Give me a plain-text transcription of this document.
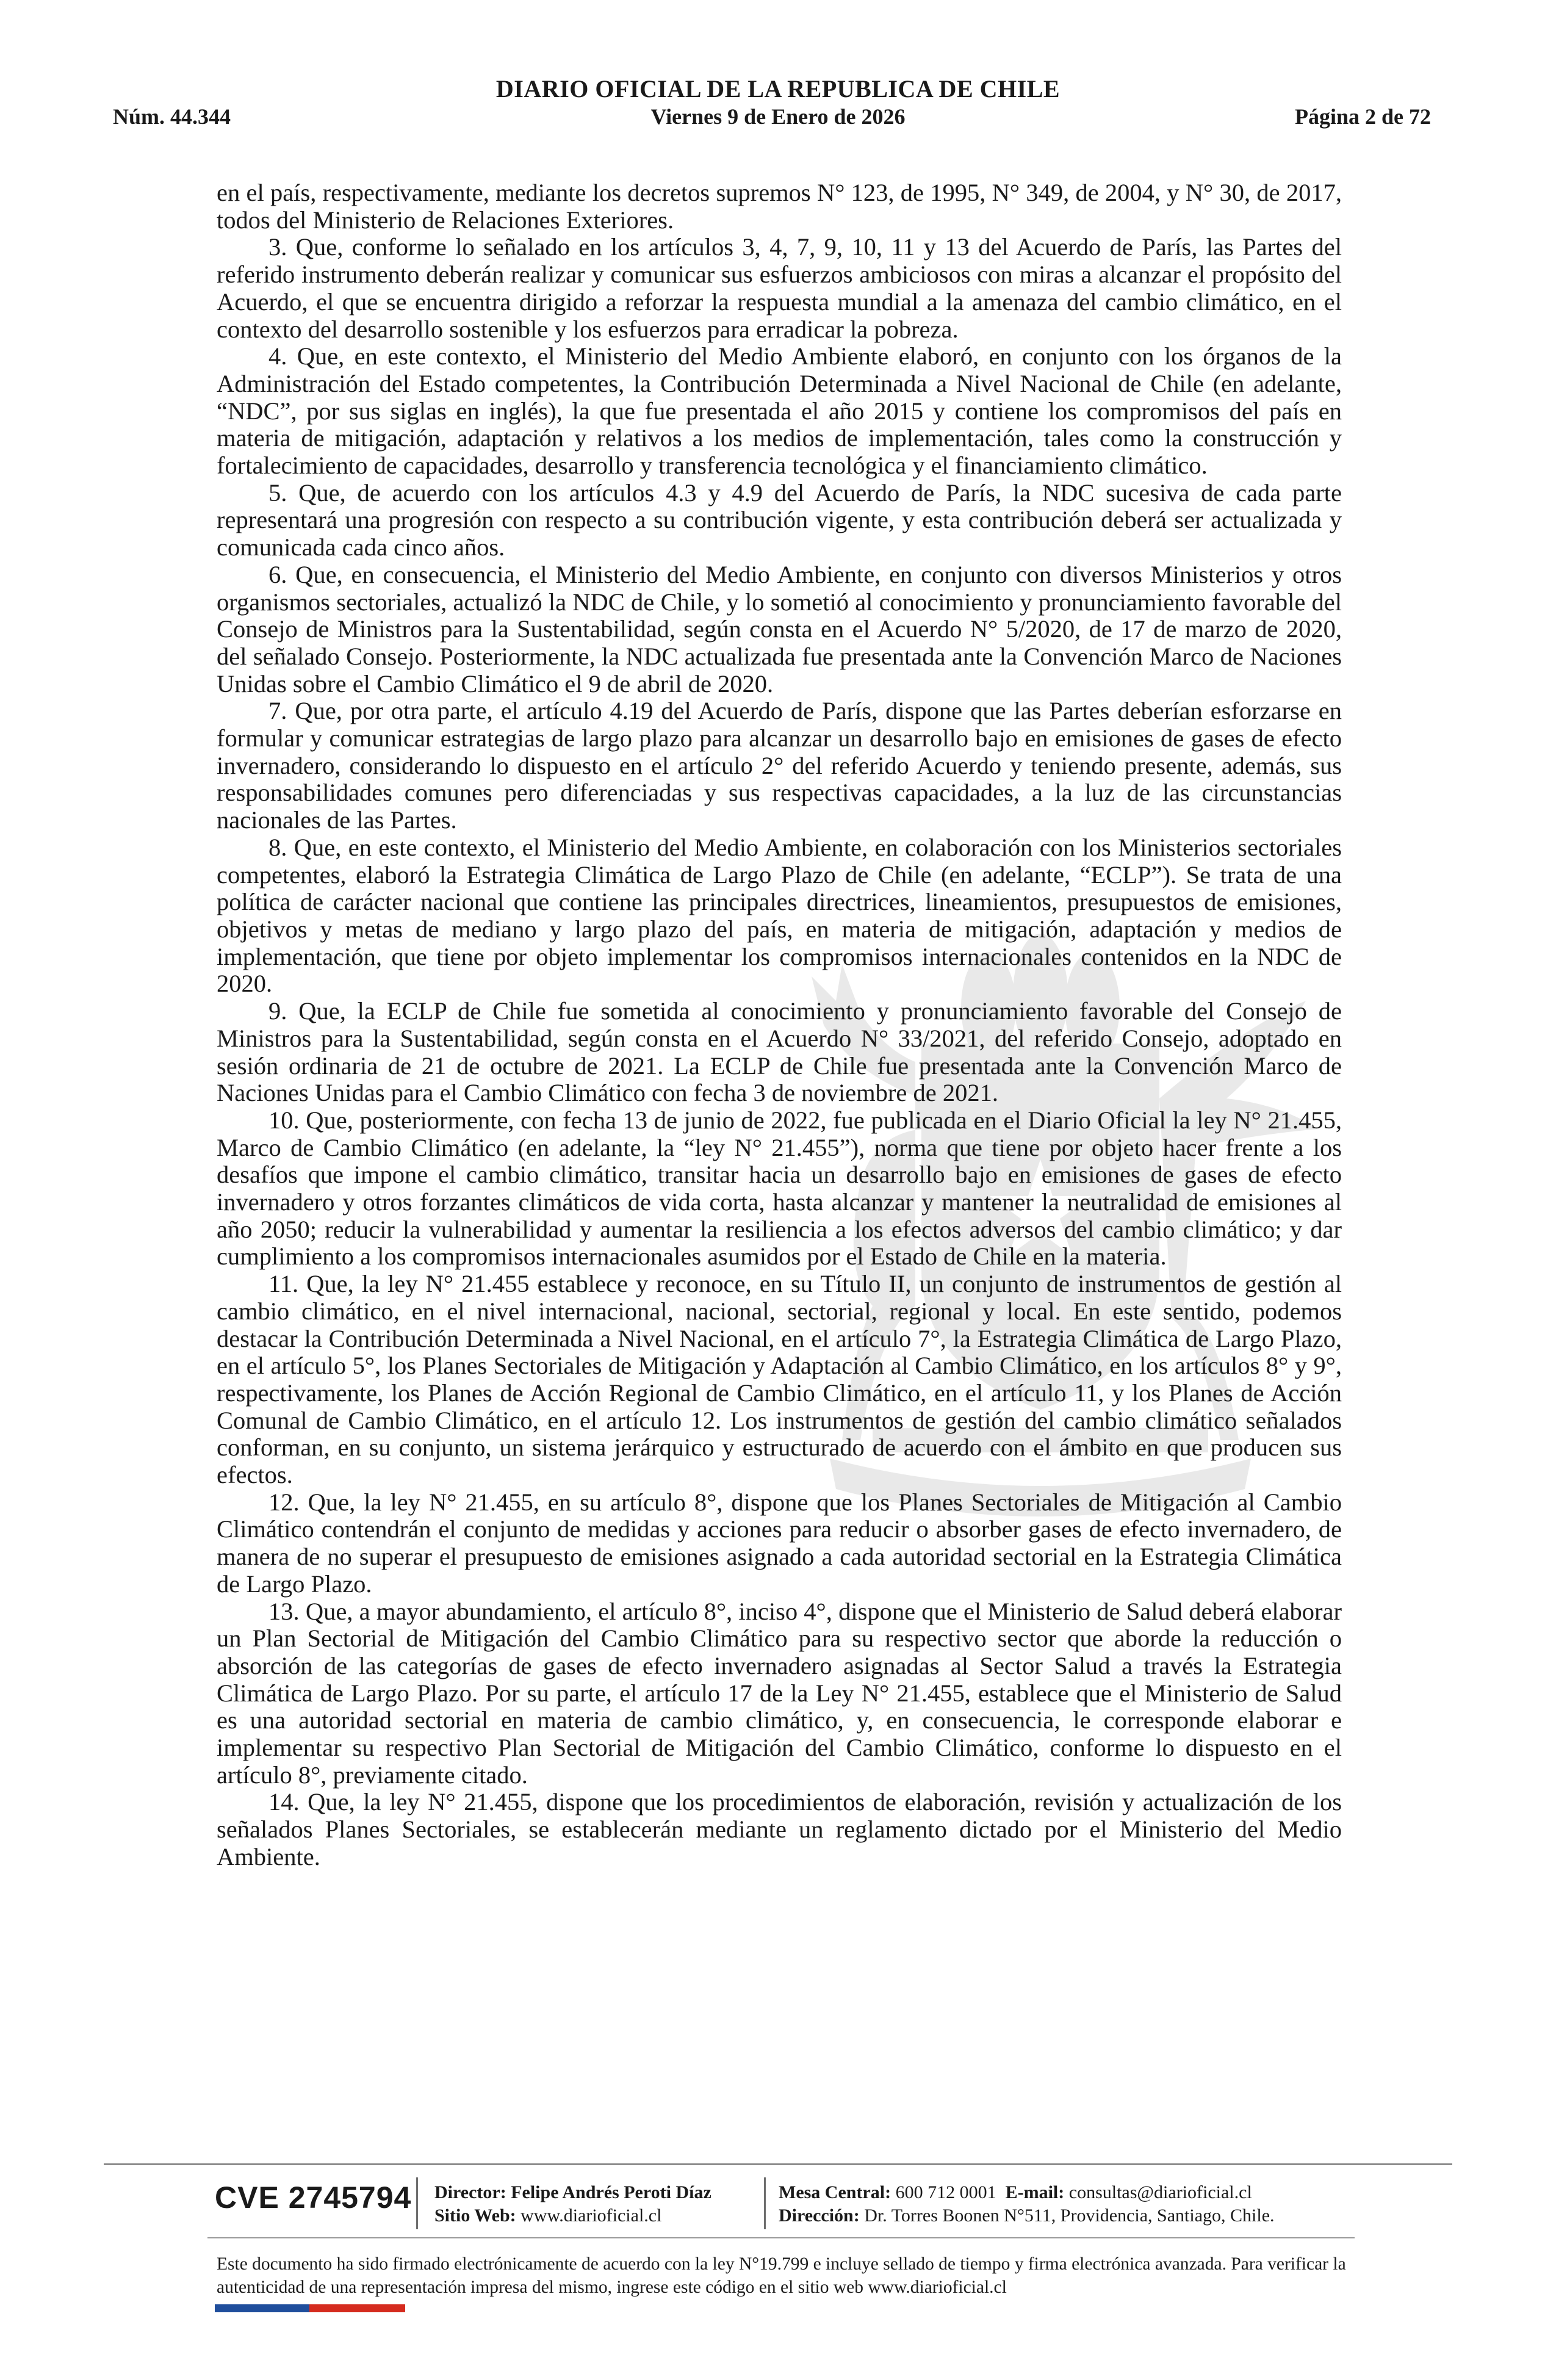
DIARIO OFICIAL DE LA REPUBLICA DE CHILE
Núm. 44.344	Viernes 9 de Enero de 2026	Página 2 de 72

en el país, respectivamente, mediante los decretos supremos N° 123, de 1995, N° 349, de 2004, y N° 30, de 2017, todos del Ministerio de Relaciones Exteriores.

3. Que, conforme lo señalado en los artículos 3, 4, 7, 9, 10, 11 y 13 del Acuerdo de París, las Partes del referido instrumento deberán realizar y comunicar sus esfuerzos ambiciosos con miras a alcanzar el propósito del Acuerdo, el que se encuentra dirigido a reforzar la respuesta mundial a la amenaza del cambio climático, en el contexto del desarrollo sostenible y los esfuerzos para erradicar la pobreza.

4. Que, en este contexto, el Ministerio del Medio Ambiente elaboró, en conjunto con los órganos de la Administración del Estado competentes, la Contribución Determinada a Nivel Nacional de Chile (en adelante, “NDC”, por sus siglas en inglés), la que fue presentada el año 2015 y contiene los compromisos del país en materia de mitigación, adaptación y relativos a los medios de implementación, tales como la construcción y fortalecimiento de capacidades, desarrollo y transferencia tecnológica y el financiamiento climático.

5. Que, de acuerdo con los artículos 4.3 y 4.9 del Acuerdo de París, la NDC sucesiva de cada parte representará una progresión con respecto a su contribución vigente, y esta contribución deberá ser actualizada y comunicada cada cinco años.

6. Que, en consecuencia, el Ministerio del Medio Ambiente, en conjunto con diversos Ministerios y otros organismos sectoriales, actualizó la NDC de Chile, y lo sometió al conocimiento y pronunciamiento favorable del Consejo de Ministros para la Sustentabilidad, según consta en el Acuerdo N° 5/2020, de 17 de marzo de 2020, del señalado Consejo. Posteriormente, la NDC actualizada fue presentada ante la Convención Marco de Naciones Unidas sobre el Cambio Climático el 9 de abril de 2020.

7. Que, por otra parte, el artículo 4.19 del Acuerdo de París, dispone que las Partes deberían esforzarse en formular y comunicar estrategias de largo plazo para alcanzar un desarrollo bajo en emisiones de gases de efecto invernadero, considerando lo dispuesto en el artículo 2° del referido Acuerdo y teniendo presente, además, sus responsabilidades comunes pero diferenciadas y sus respectivas capacidades, a la luz de las circunstancias nacionales de las Partes.

8. Que, en este contexto, el Ministerio del Medio Ambiente, en colaboración con los Ministerios sectoriales competentes, elaboró la Estrategia Climática de Largo Plazo de Chile (en adelante, “ECLP”). Se trata de una política de carácter nacional que contiene las principales directrices, lineamientos, presupuestos de emisiones, objetivos y metas de mediano y largo plazo del país, en materia de mitigación, adaptación y medios de implementación, que tiene por objeto implementar los compromisos internacionales contenidos en la NDC de 2020.

9. Que, la ECLP de Chile fue sometida al conocimiento y pronunciamiento favorable del Consejo de Ministros para la Sustentabilidad, según consta en el Acuerdo N° 33/2021, del referido Consejo, adoptado en sesión ordinaria de 21 de octubre de 2021. La ECLP de Chile fue presentada ante la Convención Marco de Naciones Unidas para el Cambio Climático con fecha 3 de noviembre de 2021.

10. Que, posteriormente, con fecha 13 de junio de 2022, fue publicada en el Diario Oficial la ley N° 21.455, Marco de Cambio Climático (en adelante, la “ley N° 21.455”), norma que tiene por objeto hacer frente a los desafíos que impone el cambio climático, transitar hacia un desarrollo bajo en emisiones de gases de efecto invernadero y otros forzantes climáticos de vida corta, hasta alcanzar y mantener la neutralidad de emisiones al año 2050; reducir la vulnerabilidad y aumentar la resiliencia a los efectos adversos del cambio climático; y dar cumplimiento a los compromisos internacionales asumidos por el Estado de Chile en la materia.

11. Que, la ley N° 21.455 establece y reconoce, en su Título II, un conjunto de instrumentos de gestión al cambio climático, en el nivel internacional, nacional, sectorial, regional y local. En este sentido, podemos destacar la Contribución Determinada a Nivel Nacional, en el artículo 7°, la Estrategia Climática de Largo Plazo, en el artículo 5°, los Planes Sectoriales de Mitigación y Adaptación al Cambio Climático, en los artículos 8° y 9°, respectivamente, los Planes de Acción Regional de Cambio Climático, en el artículo 11, y los Planes de Acción Comunal de Cambio Climático, en el artículo 12. Los instrumentos de gestión del cambio climático señalados conforman, en su conjunto, un sistema jerárquico y estructurado de acuerdo con el ámbito en que producen sus efectos.

12. Que, la ley N° 21.455, en su artículo 8°, dispone que los Planes Sectoriales de Mitigación al Cambio Climático contendrán el conjunto de medidas y acciones para reducir o absorber gases de efecto invernadero, de manera de no superar el presupuesto de emisiones asignado a cada autoridad sectorial en la Estrategia Climática de Largo Plazo.

13. Que, a mayor abundamiento, el artículo 8°, inciso 4°, dispone que el Ministerio de Salud deberá elaborar un Plan Sectorial de Mitigación del Cambio Climático para su respectivo sector que aborde la reducción o absorción de las categorías de gases de efecto invernadero asignadas al Sector Salud a través la Estrategia Climática de Largo Plazo. Por su parte, el artículo 17 de la Ley N° 21.455, establece que el Ministerio de Salud es una autoridad sectorial en materia de cambio climático, y, en consecuencia, le corresponde elaborar e implementar su respectivo Plan Sectorial de Mitigación del Cambio Climático, conforme lo dispuesto en el artículo 8°, previamente citado.

14. Que, la ley N° 21.455, dispone que los procedimientos de elaboración, revisión y actualización de los señalados Planes Sectoriales, se establecerán mediante un reglamento dictado por el Ministerio del Medio Ambiente.

CVE 2745794 Director: Felipe Andrés Peroti Díaz
Sitio Web: www.diarioficial.cl
Mesa Central: 600 712 0001 E-mail: consultas@diarioficial.cl
Dirección: Dr. Torres Boonen N°511, Providencia, Santiago, Chile.
Este documento ha sido firmado electrónicamente de acuerdo con la ley N°19.799 e incluye sellado de tiempo y firma electrónica avanzada. Para verificar la autenticidad de una representación impresa del mismo, ingrese este código en el sitio web www.diarioficial.cl
